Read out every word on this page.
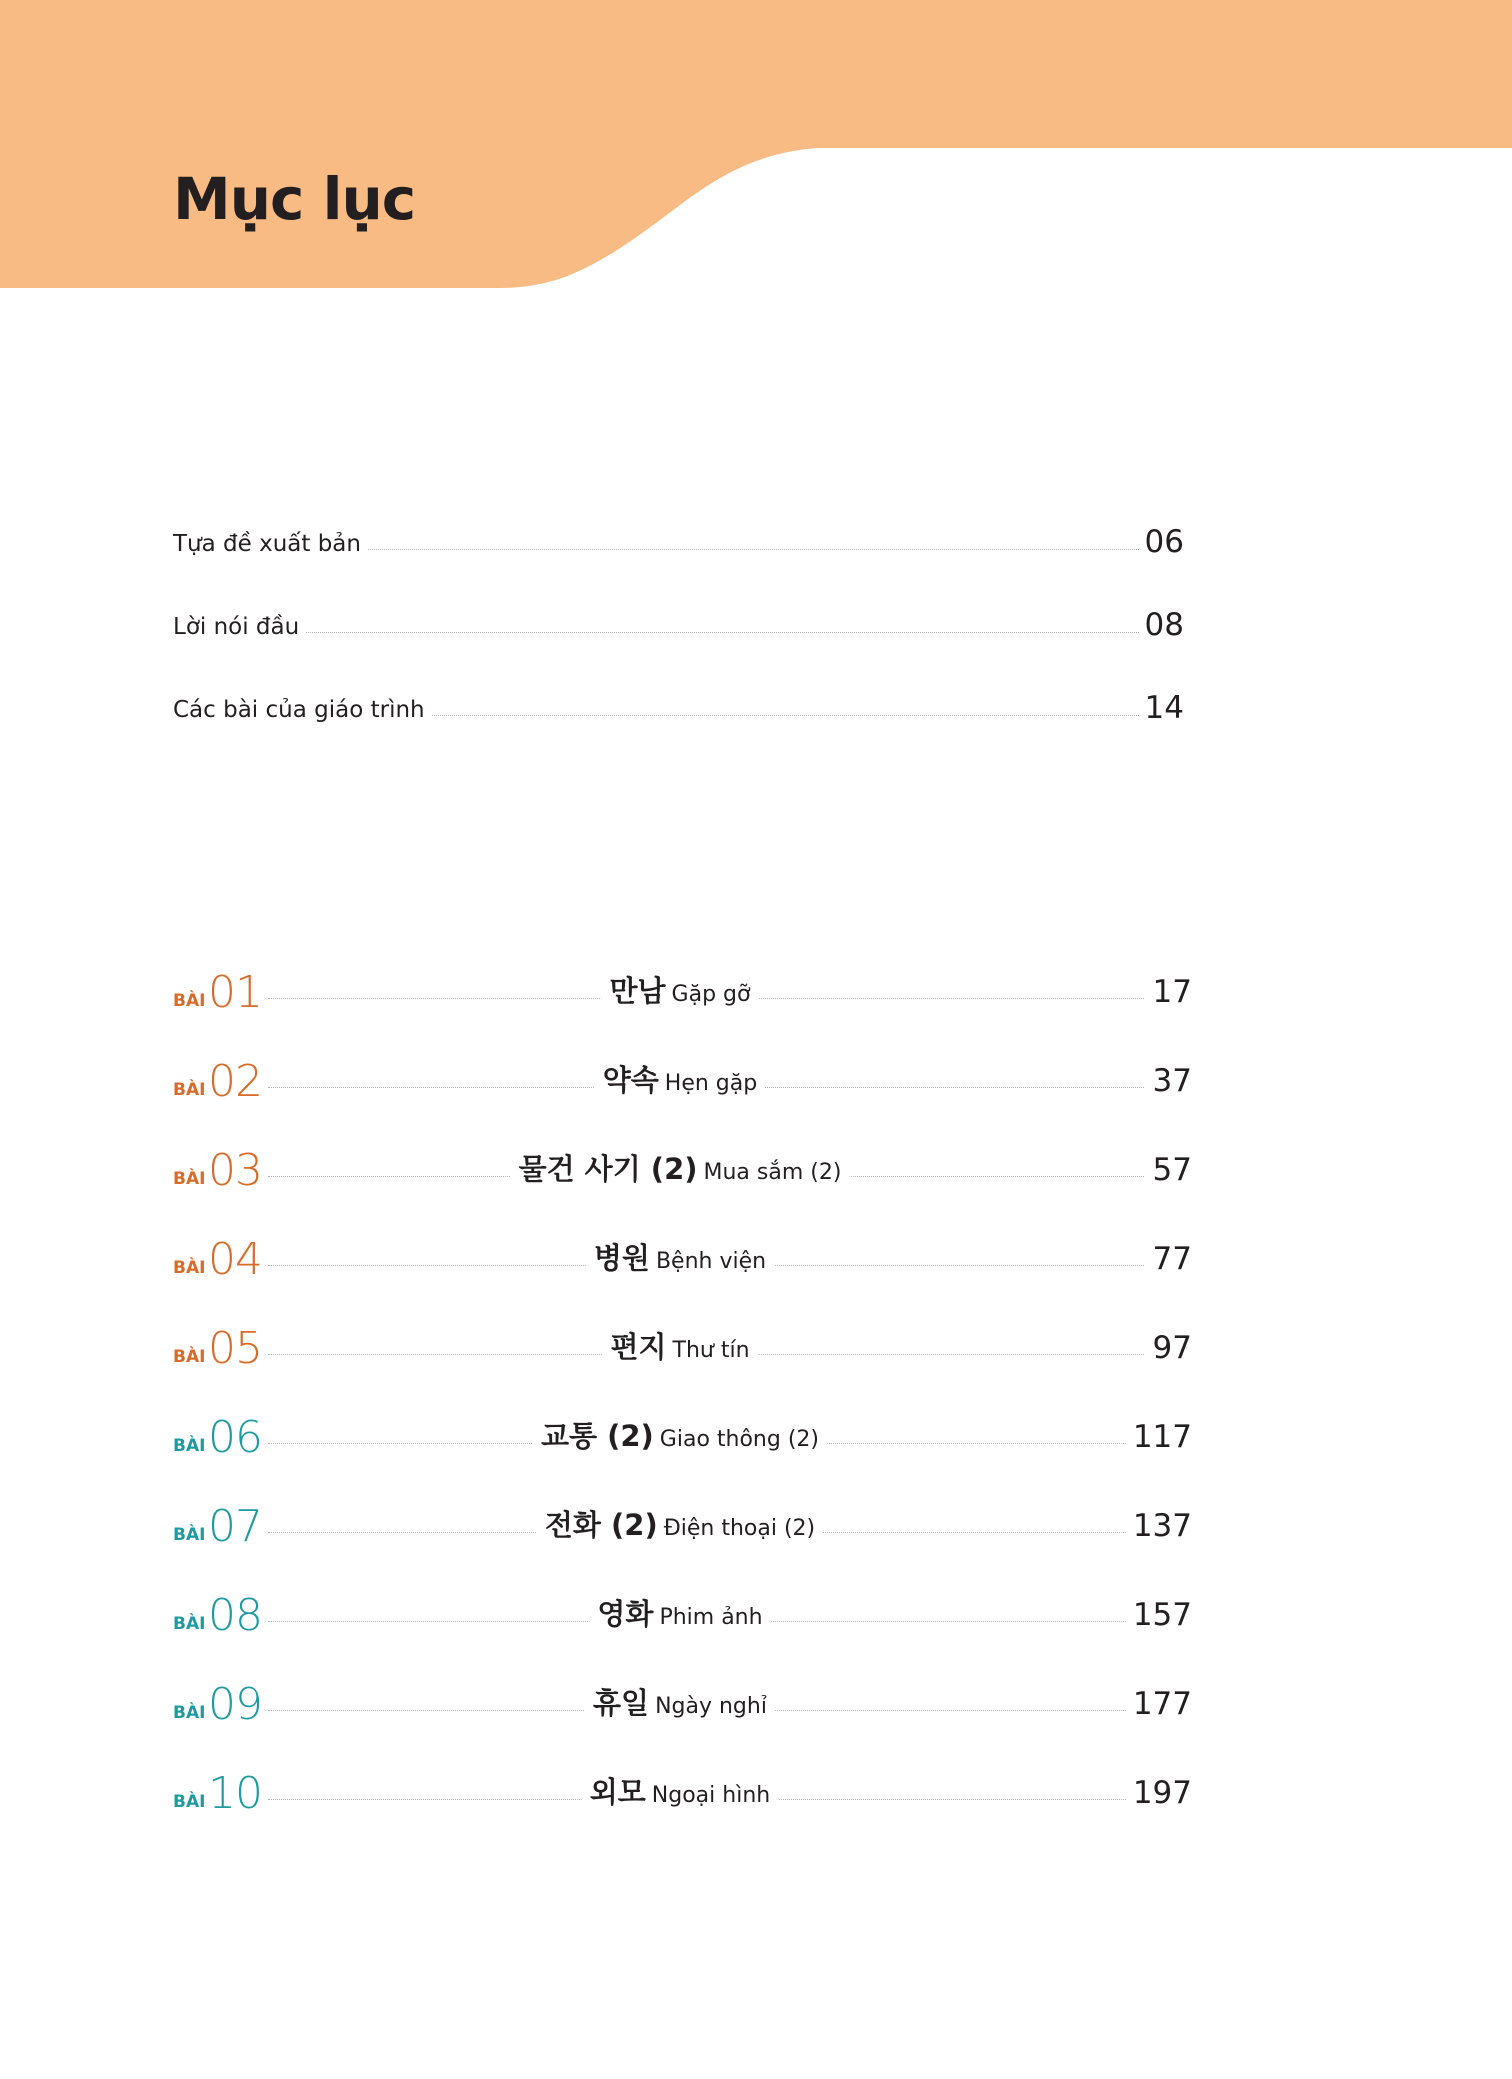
Mục lục
Tựa đề xuất bản	06
Lời nói đầu	08
Các bài của giáo trình	14
BÀI 01	만남 Gặp gỡ	17
BÀI 02	약속 Hẹn gặp	37
BÀI 03	물건 사기 (2) Mua sắm (2)	57
BÀI 04	병원 Bệnh viện	77
BÀI 05	편지 Thư tín	97
BÀI 06	교통 (2) Giao thông (2)	117
BÀI 07	전화 (2) Điện thoại (2)	137
BÀI 08	영화 Phim ảnh	157
BÀI 09	휴일 Ngày nghỉ	177
BÀI 10	외모 Ngoại hình	197
